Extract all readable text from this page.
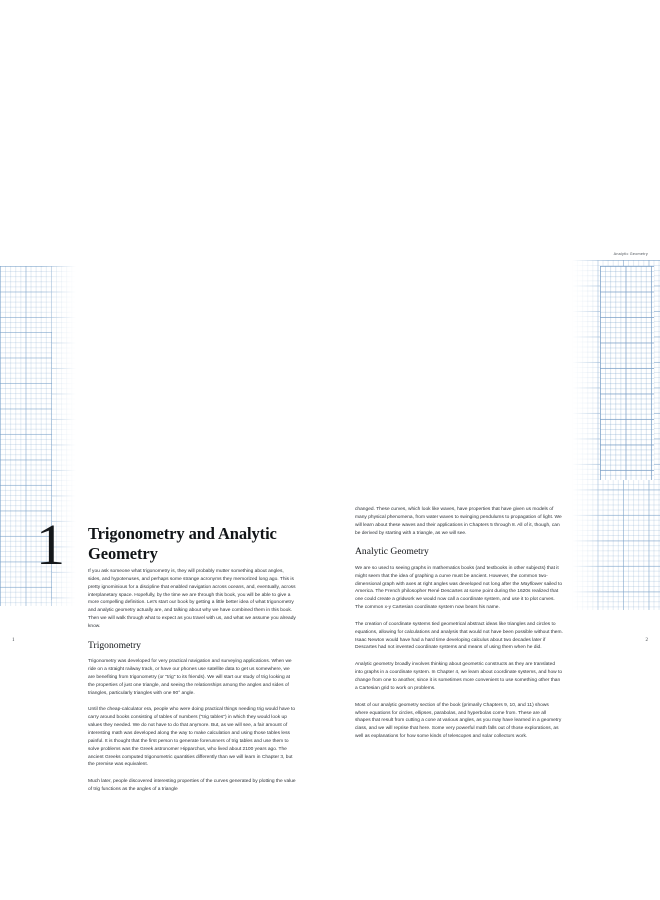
1
Analytic Geometry
2
1 Trigonometry and Analytic Geometry

If you ask someone what trigonometry is, they will probably mutter something about angles, sides, and hypotenuses, and perhaps some strange acronyms they memorized long ago. This is pretty ignominious for a discipline that enabled navigation across oceans, and, eventually, across interplanetary space. Hopefully, by the time we are through this book, you will be able to give a more compelling definition. Let's start our book by getting a little better idea of what trigonometry and analytic geometry actually are, and talking about why we have combined them in this book. Then we will walk through what to expect as you travel with us, and what we assume you already know.

Trigonometry

Trigonometry was developed for very practical navigation and surveying applications. When we ride on a straight railway track, or have our phones use satellite data to get us somewhere, we are benefiting from trigonometry (or "trig" to its friends). We will start our study of trig looking at the properties of just one triangle, and seeing the relationships among the angles and sides of triangles, particularly triangles with one 90° angle.

Until the cheap-calculator era, people who were doing practical things needing trig would have to carry around books consisting of tables of numbers ("trig tables") in which they would look up values they needed. We do not have to do that anymore. But, as we will see, a fair amount of interesting math was developed along the way to make calculation and using those tables less painful. It is thought that the first person to generate forerunners of trig tables and use them to solve problems was the Greek astronomer Hipparchus, who lived about 2100 years ago. The ancient Greeks computed trigonometric quantities differently than we will learn in Chapter 3, but the premise was equivalent.

Much later, people discovered interesting properties of the curves generated by plotting the value of trig functions as the angles of a triangle

changed. These curves, which look like waves, have properties that have given us models of many physical phenomena, from water waves to swinging pendulums to propagation of light. We will learn about these waves and their applications in Chapters 5 through 8. All of it, though, can be derived by starting with a triangle, as we will see.

Analytic Geometry

We are so used to seeing graphs in mathematics books (and textbooks in other subjects) that it might seem that the idea of graphing a curve must be ancient. However, the common two-dimensional graph with axes at right angles was developed not long after the Mayflower sailed to America. The French philosopher René Descartes at some point during the 1620s realized that one could create a gridwork we would now call a coordinate system, and use it to plot curves. The common x-y Cartesian coordinate system now bears his name.

The creation of coordinate systems tied geometrical abstract ideas like triangles and circles to equations, allowing for calculations and analysis that would not have been possible without them. Isaac Newton would have had a hard time developing calculus about two decades later if Descartes had not invented coordinate systems and means of using them when he did.

Analytic geometry broadly involves thinking about geometric constructs as they are translated into graphs in a coordinate system. In Chapter 4, we learn about coordinate systems, and how to change from one to another, since it is sometimes more convenient to use something other than a Cartesian grid to work on problems.

Most of our analytic geometry section of the book (primarily Chapters 9, 10, and 11) shows where equations for circles, ellipses, parabolas, and hyperbolas come from. These are all shapes that result from cutting a cone at various angles, as you may have learned in a geometry class, and we will reprise that here. Some very powerful math falls out of those explorations, as well as explanations for how some kinds of telescopes and solar collectors work.
